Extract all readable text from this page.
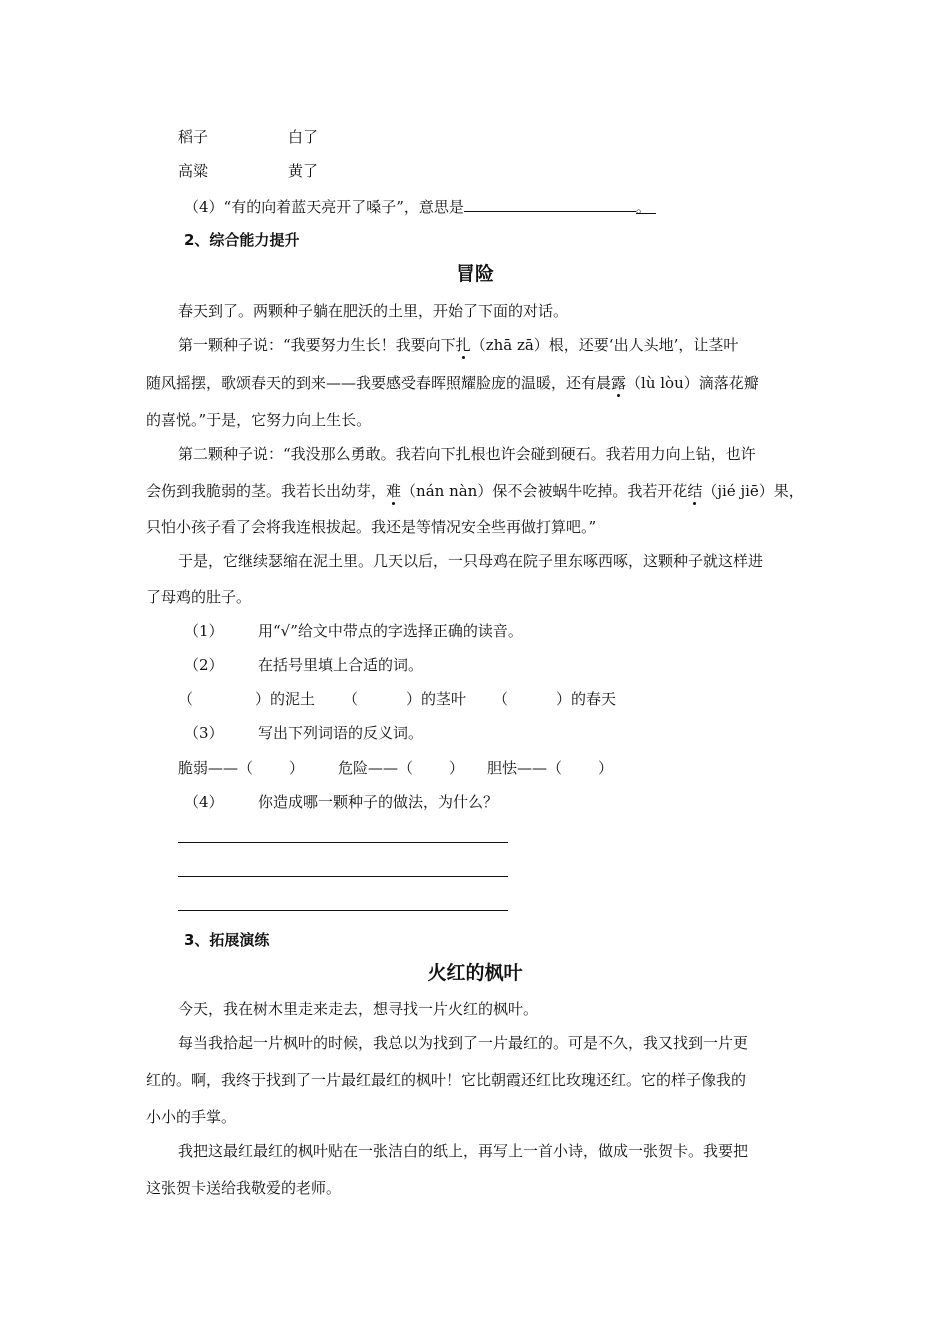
稻子	白了
高粱	黄了
（4）“有的向着蓝天亮开了嗓子”，意思是	。
2、综合能力提升
冒险
春天到了。两颗种子躺在肥沃的土里，开始了下面的对话。
第一颗种子说：“我要努力生长！我要向下扎（zhā zā）根，还要‘出人头地’，让茎叶
随风摇摆，歌颂春天的到来——我要感受春晖照耀脸庞的温暖，还有晨露（lù lòu）滴落花瓣
的喜悦。”于是，它努力向上生长。
第二颗种子说：“我没那么勇敢。我若向下扎根也许会碰到硬石。我若用力向上钻，也许
会伤到我脆弱的茎。我若长出幼芽，难（nán nàn）保不会被蜗牛吃掉。我若开花结（jié jiē）果，
只怕小孩子看了会将我连根拔起。我还是等情况安全些再做打算吧。”
于是，它继续瑟缩在泥土里。几天以后，一只母鸡在院子里东啄西啄，这颗种子就这样进
了母鸡的肚子。
（1） 用“√”给文中带点的字选择正确的读音。
（2） 在括号里填上合适的词。
（	）的泥土 （	）的茎叶 （	）的春天
（3） 写出下列词语的反义词。
脆弱——（ ） 危险——（ ） 胆怯——（ ）
（4） 你造成哪一颗种子的做法，为什么？
3、拓展演练
火红的枫叶
今天，我在树木里走来走去，想寻找一片火红的枫叶。
每当我拾起一片枫叶的时候，我总以为找到了一片最红的。可是不久，我又找到一片更
红的。啊，我终于找到了一片最红最红的枫叶！它比朝霞还红比玫瑰还红。它的样子像我的
小小的手掌。
我把这最红最红的枫叶贴在一张洁白的纸上，再写上一首小诗，做成一张贺卡。我要把
这张贺卡送给我敬爱的老师。
